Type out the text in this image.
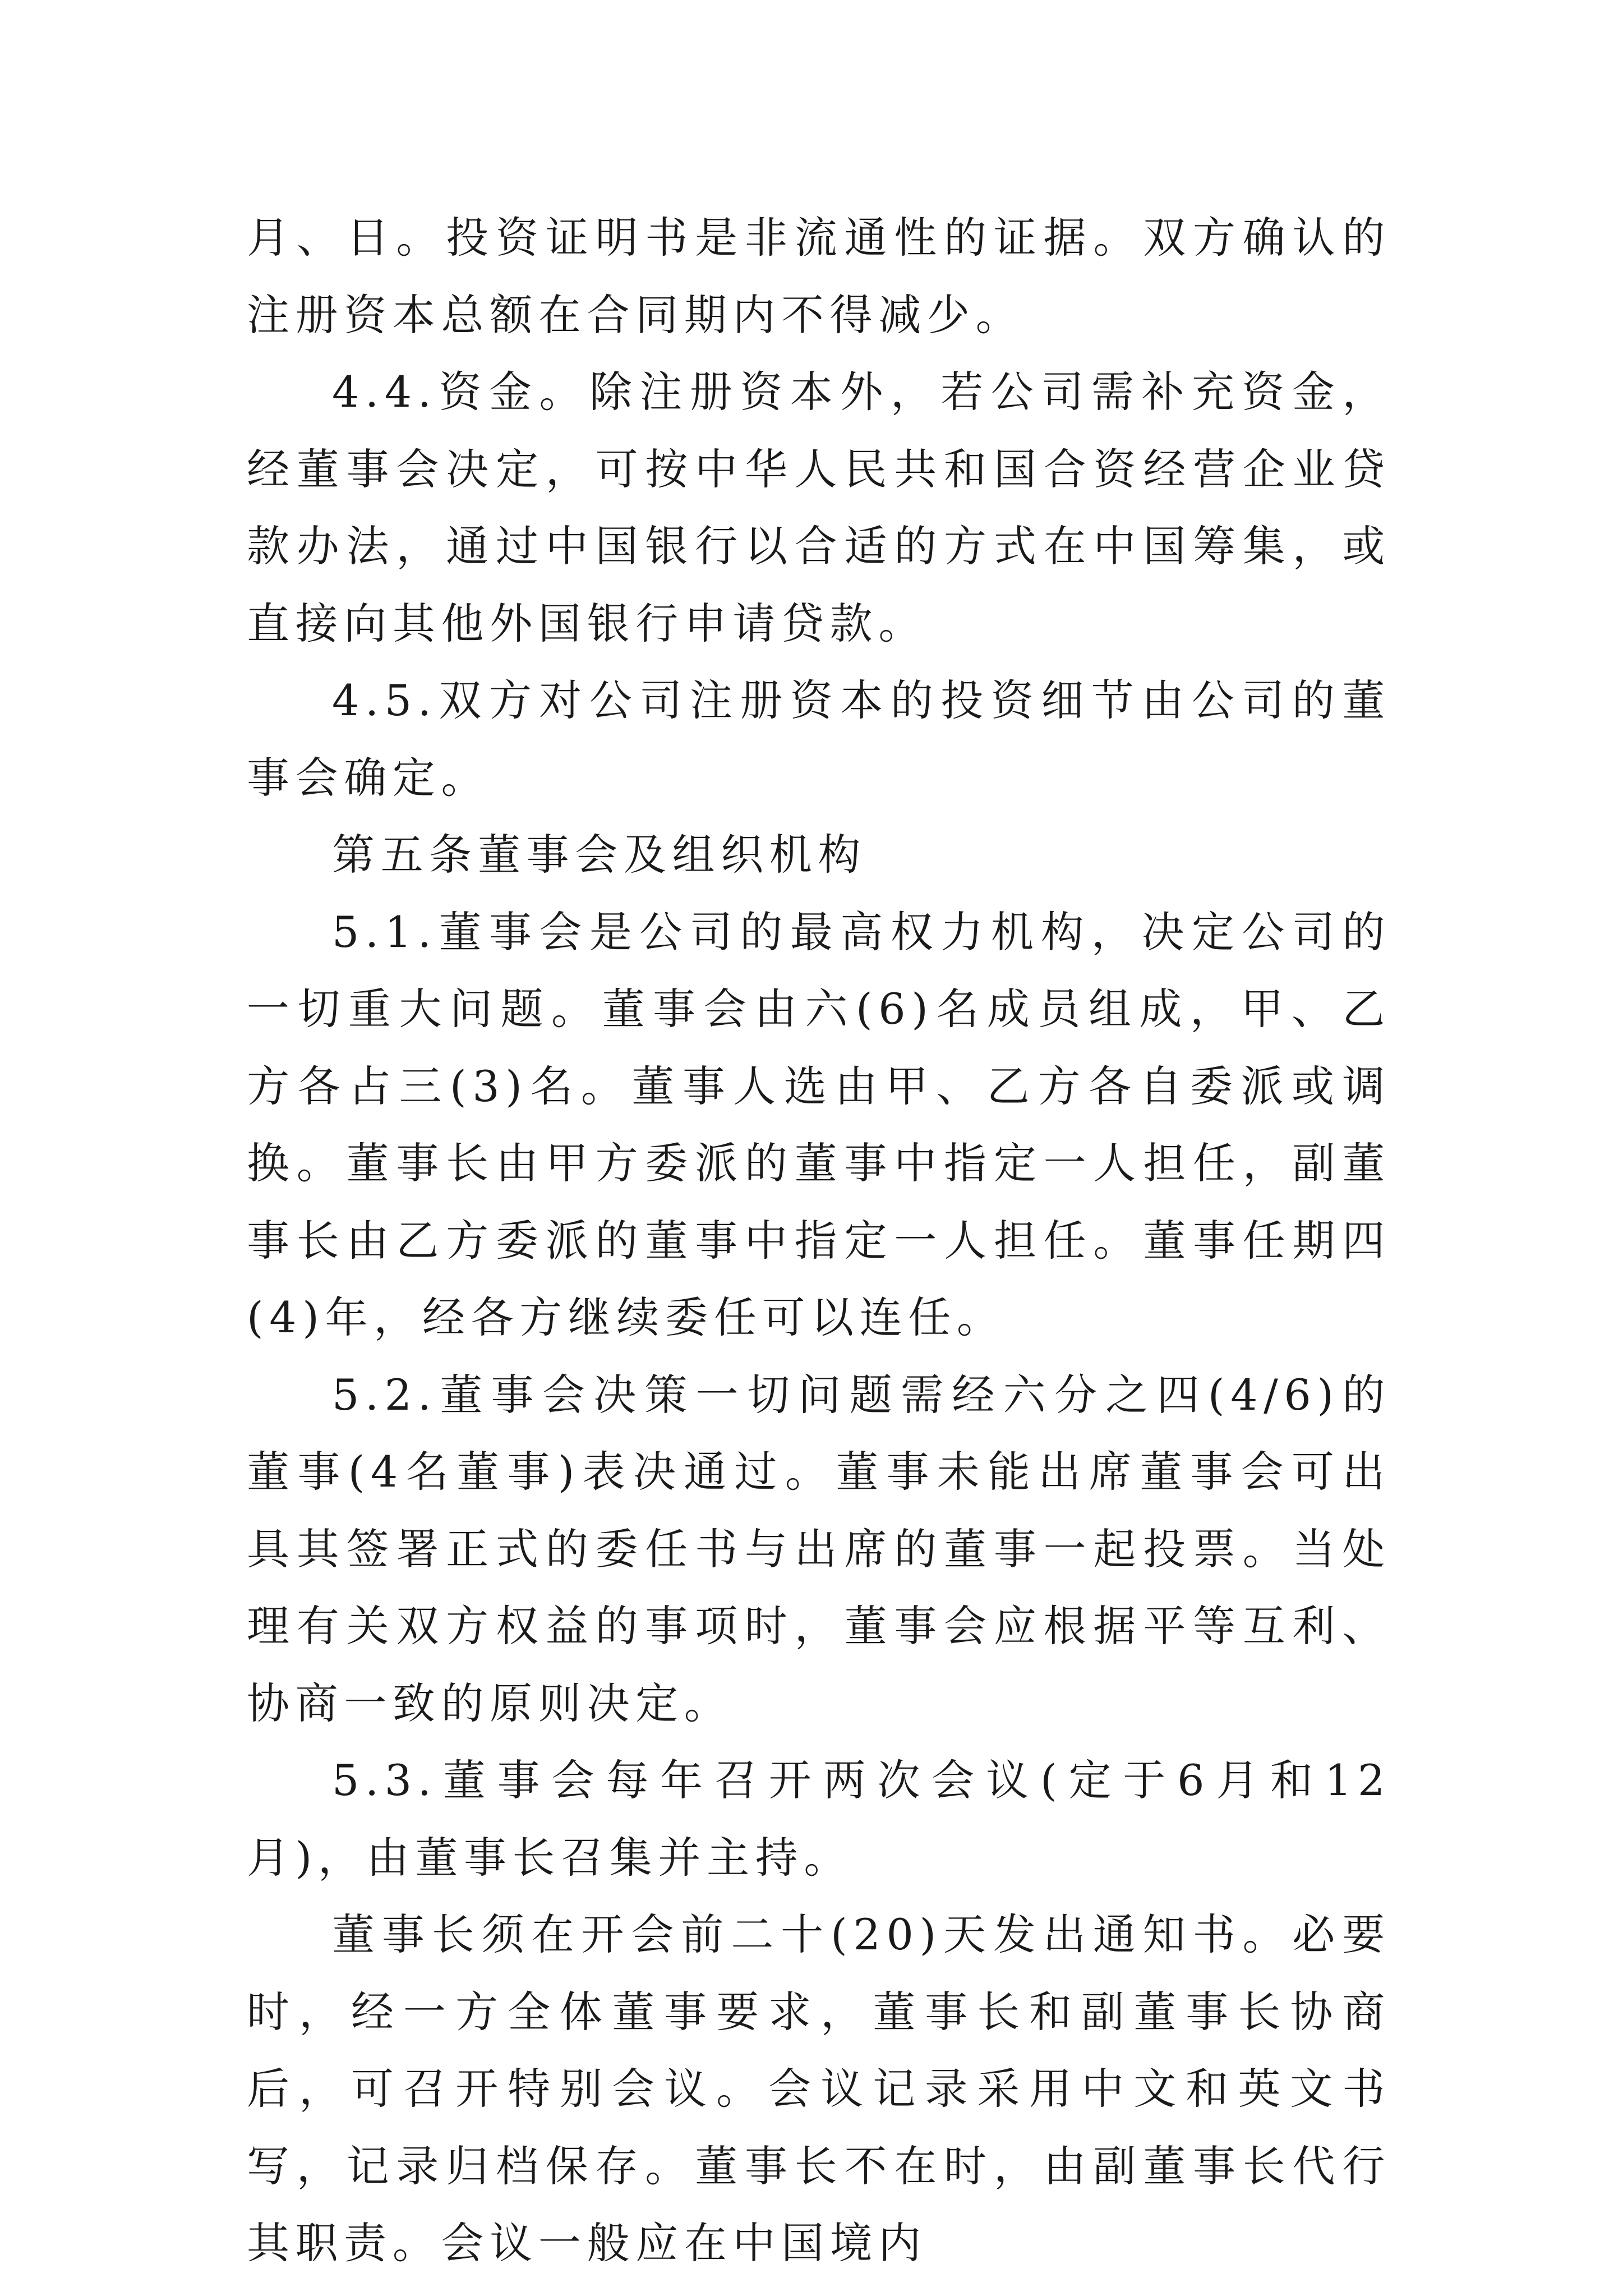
月、日。投资证明书是非流通性的证据。双方确认的注册资本总额在合同期内不得减少。

4.4.资金。除注册资本外，若公司需补充资金，经董事会决定，可按中华人民共和国合资经营企业贷款办法，通过中国银行以合适的方式在中国筹集，或直接向其他外国银行申请贷款。

4.5.双方对公司注册资本的投资细节由公司的董事会确定。

第五条董事会及组织机构

5.1.董事会是公司的最高权力机构，决定公司的一切重大问题。董事会由六(6)名成员组成，甲、乙方各占三(3)名。董事人选由甲、乙方各自委派或调换。董事长由甲方委派的董事中指定一人担任，副董事长由乙方委派的董事中指定一人担任。董事任期四(4)年，经各方继续委任可以连任。

5.2.董事会决策一切问题需经六分之四(4/6)的董事(4名董事)表决通过。董事未能出席董事会可出具其签署正式的委任书与出席的董事一起投票。当处理有关双方权益的事项时，董事会应根据平等互利、协商一致的原则决定。

5.3.董事会每年召开两次会议(定于6月和12月)，由董事长召集并主持。

董事长须在开会前二十(20)天发出通知书。必要时，经一方全体董事要求，董事长和副董事长协商后，可召开特别会议。会议记录采用中文和英文书写，记录归档保存。董事长不在时，由副董事长代行其职责。会议一般应在中国境内
